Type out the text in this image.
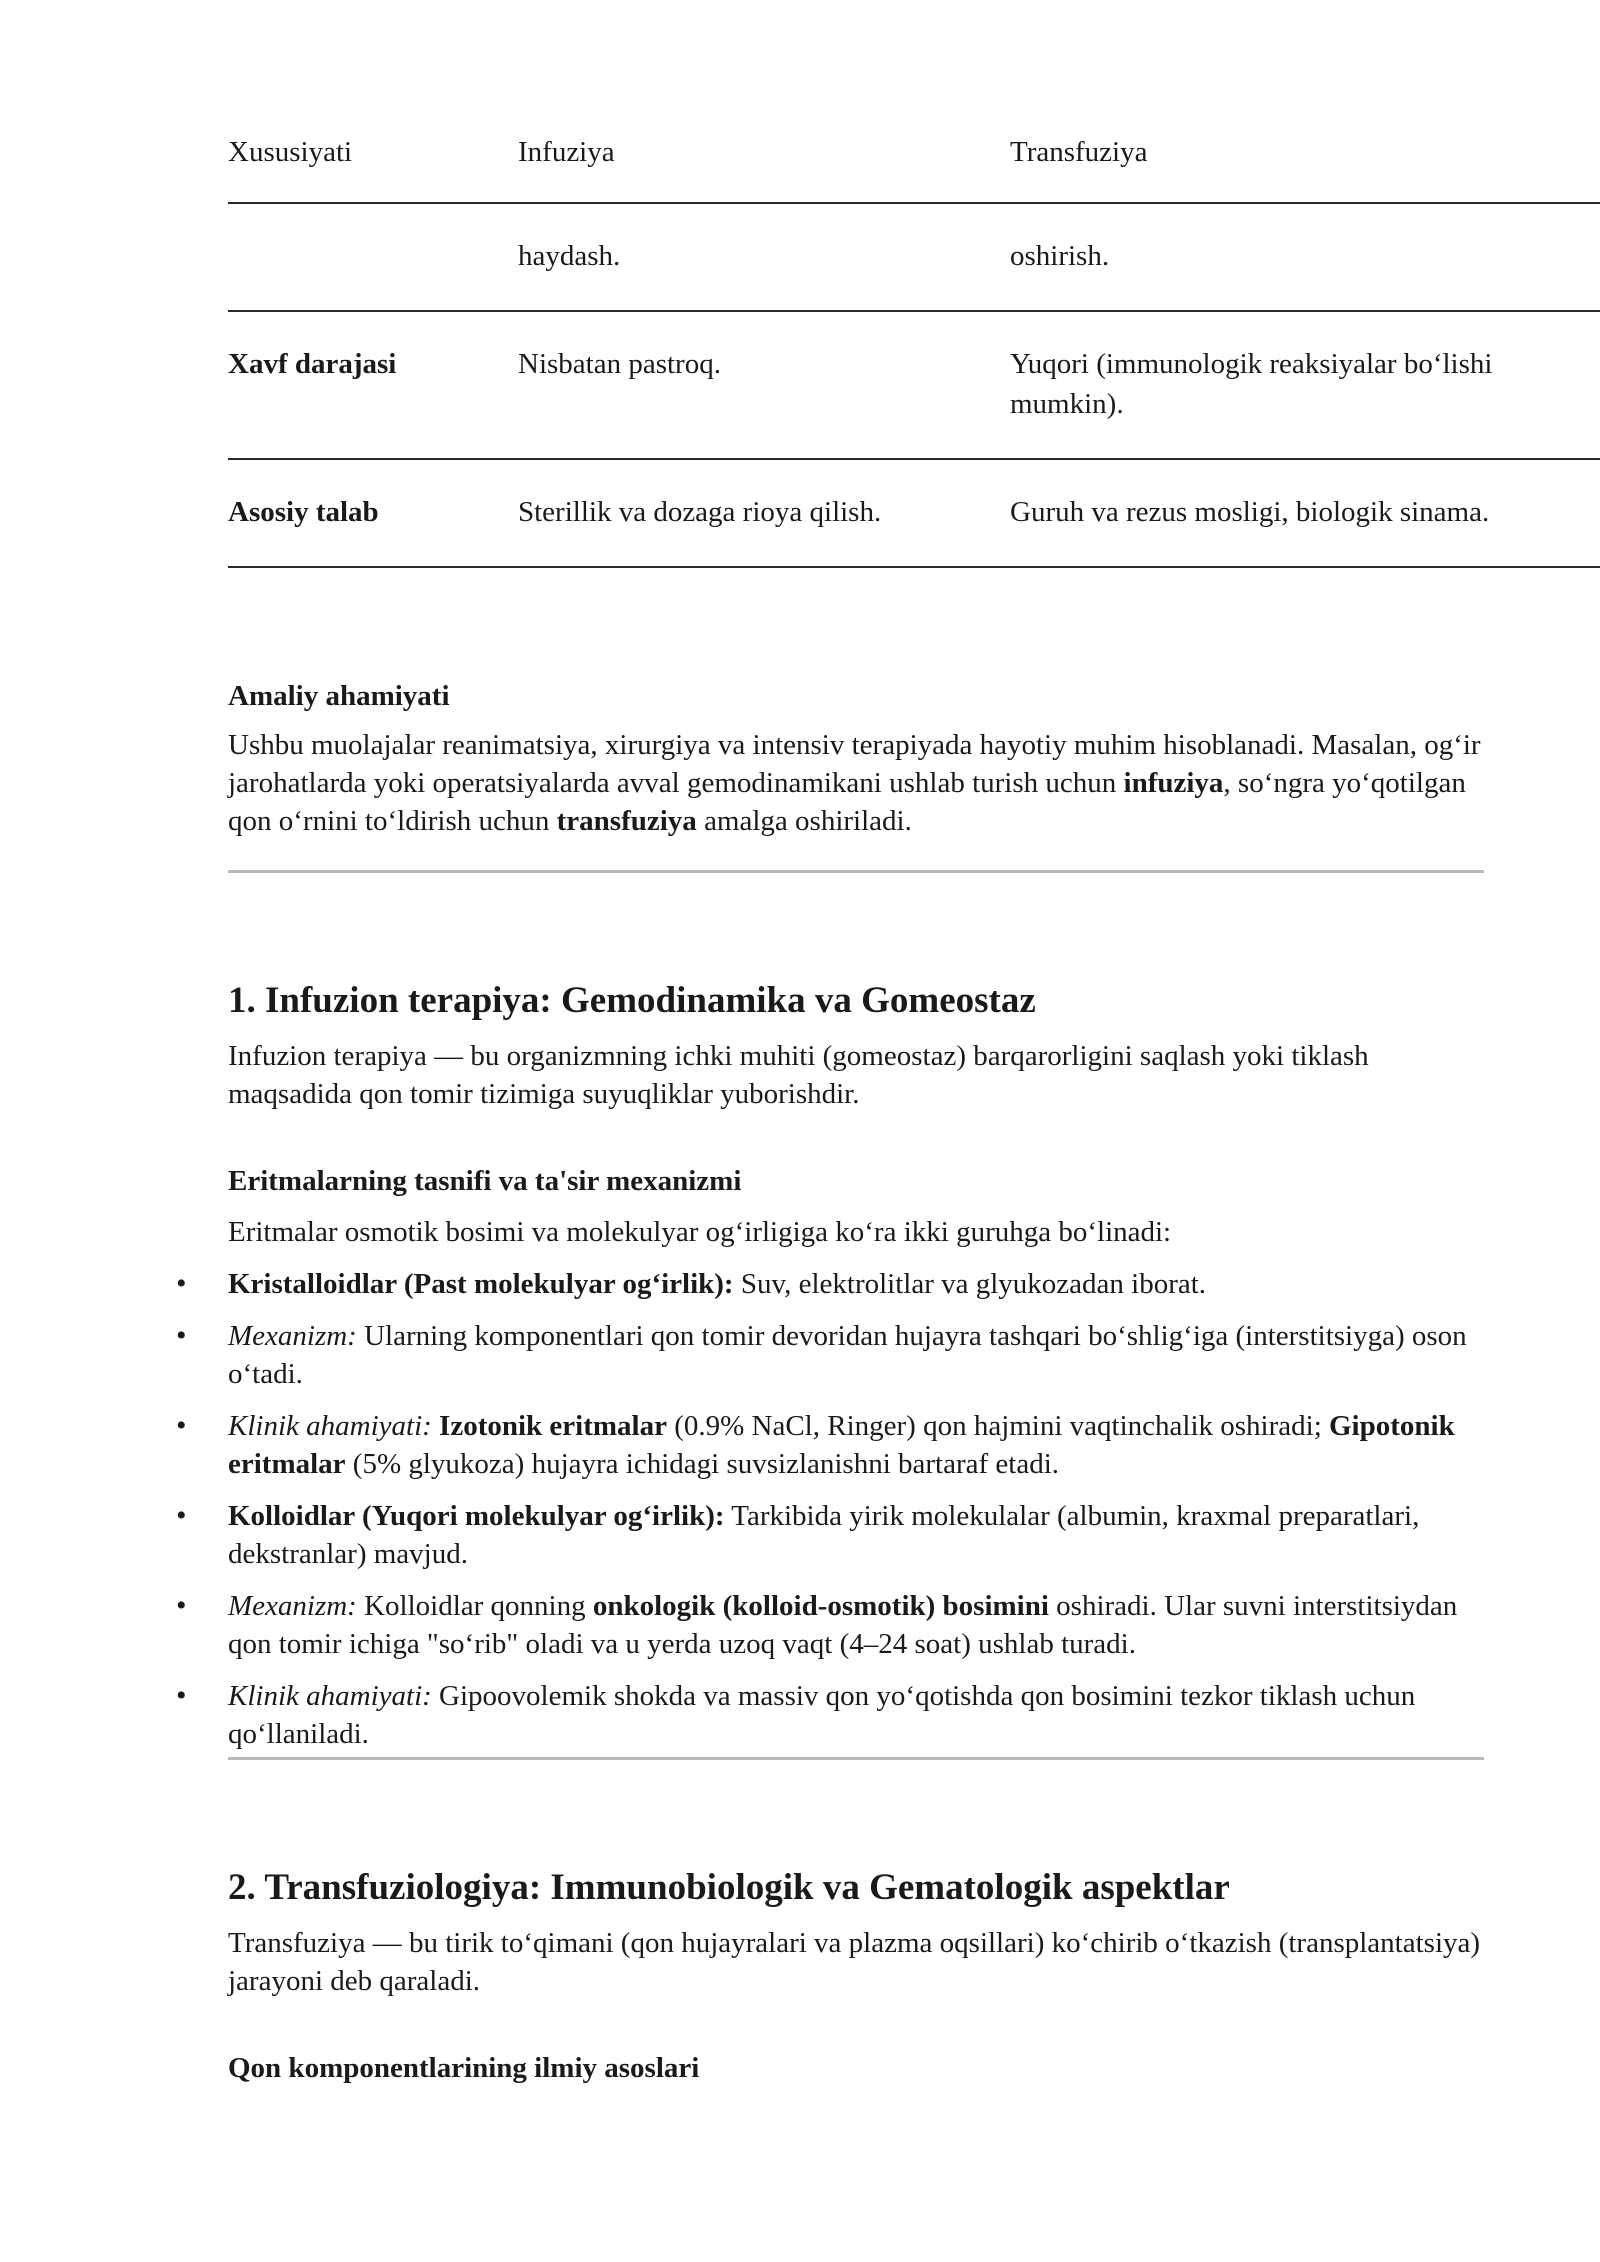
Xususiyati	Infuziya	Transfuziya
	haydash.	oshirish.
Xavf darajasi	Nisbatan pastroq.	Yuqori (immunologik reaksiyalar bo‘lishi mumkin).
Asosiy talab	Sterillik va dozaga rioya qilish.	Guruh va rezus mosligi, biologik sinama.
Amaliy ahamiyati

Ushbu muolajalar reanimatsiya, xirurgiya va intensiv terapiyada hayotiy muhim hisoblanadi. Masalan, og‘ir jarohatlarda yoki operatsiyalarda avval gemodinamikani ushlab turish uchun infuziya, so‘ngra yo‘qotilgan qon o‘rnini to‘ldirish uchun transfuziya amalga oshiriladi.

1. Infuzion terapiya: Gemodinamika va Gomeostaz

Infuzion terapiya — bu organizmning ichki muhiti (gomeostaz) barqarorligini saqlash yoki tiklash maqsadida qon tomir tizimiga suyuqliklar yuborishdir.

Eritmalarning tasnifi va ta'sir mexanizmi

Eritmalar osmotik bosimi va molekulyar og‘irligiga ko‘ra ikki guruhga bo‘linadi:

• Kristalloidlar (Past molekulyar og‘irlik): Suv, elektrolitlar va glyukozadan iborat.
• Mexanizm: Ularning komponentlari qon tomir devoridan hujayra tashqari bo‘shlig‘iga (interstitsiyga) oson o‘tadi.
• Klinik ahamiyati: Izotonik eritmalar (0.9% NaCl, Ringer) qon hajmini vaqtinchalik oshiradi; Gipotonik eritmalar (5% glyukoza) hujayra ichidagi suvsizlanishni bartaraf etadi.
• Kolloidlar (Yuqori molekulyar og‘irlik): Tarkibida yirik molekulalar (albumin, kraxmal preparatlari, dekstranlar) mavjud.
• Mexanizm: Kolloidlar qonning onkologik (kolloid-osmotik) bosimini oshiradi. Ular suvni interstitsiydan qon tomir ichiga "so‘rib" oladi va u yerda uzoq vaqt (4–24 soat) ushlab turadi.
• Klinik ahamiyati: Gipoovolemik shokda va massiv qon yo‘qotishda qon bosimini tezkor tiklash uchun qo‘llaniladi.
2. Transfuziologiya: Immunobiologik va Gematologik aspektlar

Transfuziya — bu tirik to‘qimani (qon hujayralari va plazma oqsillari) ko‘chirib o‘tkazish (transplantatsiya) jarayoni deb qaraladi.

Qon komponentlarining ilmiy asoslari
